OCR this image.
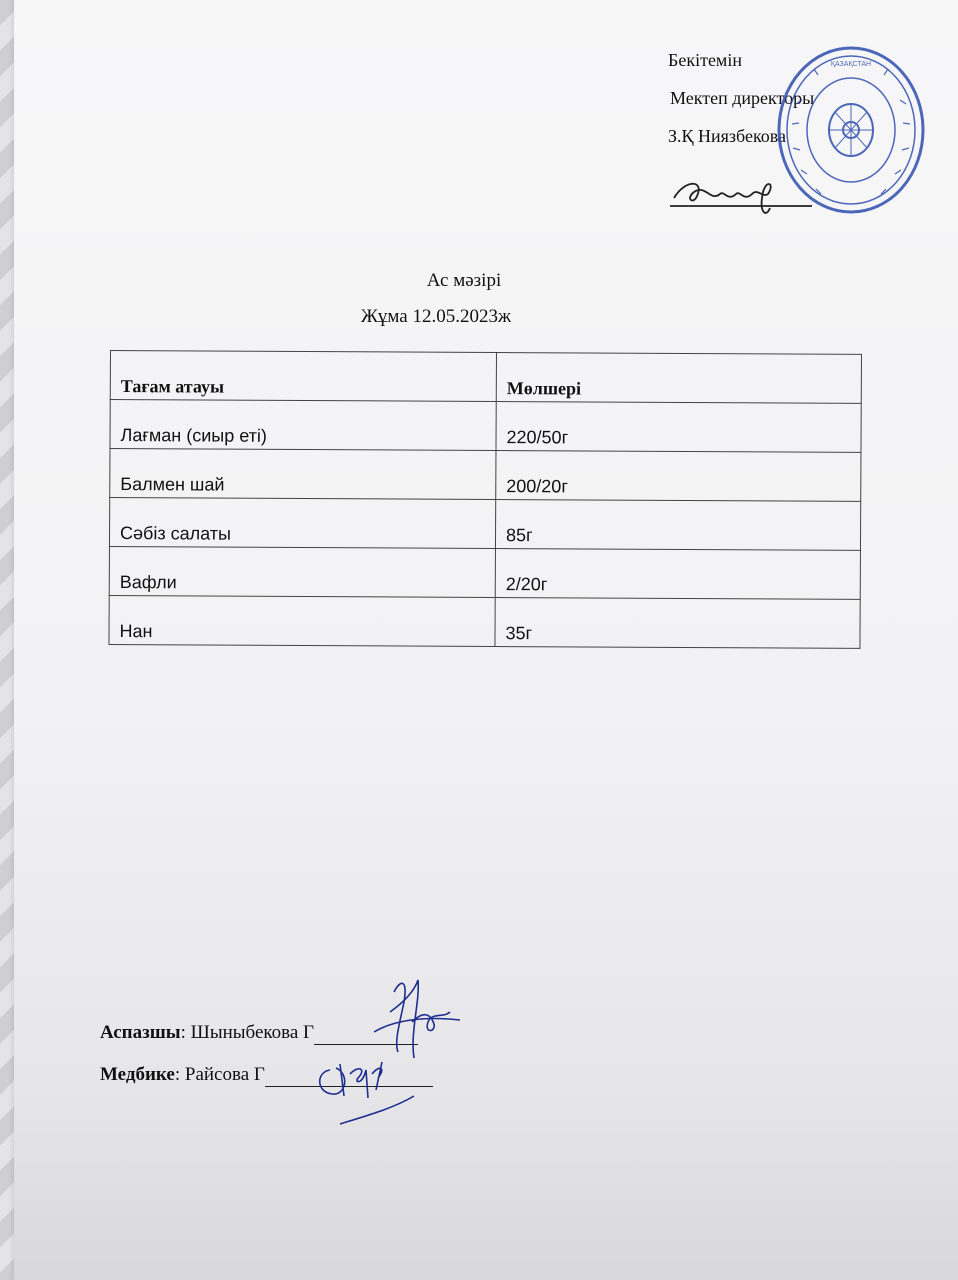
Бекітемін
Мектеп директоры
З.Қ Ниязбекова
ҚАЗАҚСТАН
Ас мәзірі
Жұма 12.05.2023ж
Тағам атауы	Мөлшері
Лағман (сиыр еті)	220/50г
Балмен шай	200/20г
Сәбіз салаты	85г
Вафли	2/20г
Нан	35г
Аспазшы: Шыныбекова Г
Медбике: Райсова Г
